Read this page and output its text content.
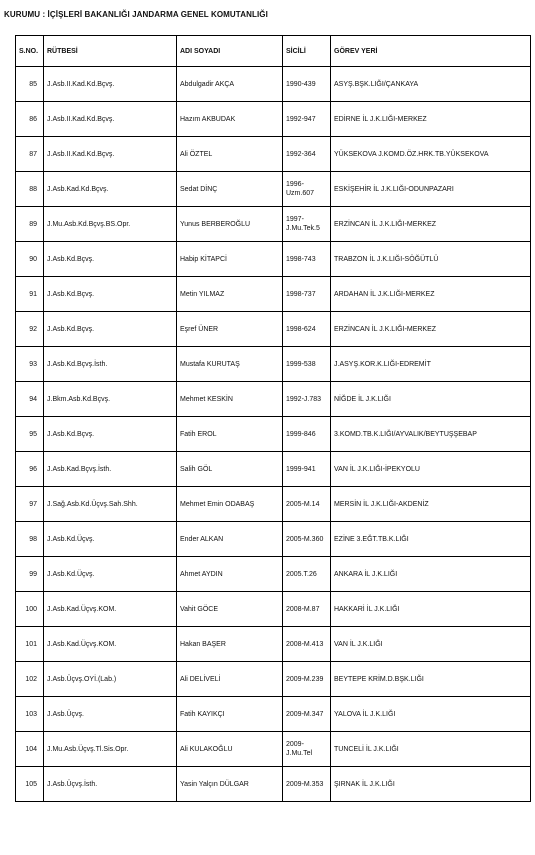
KURUMU : İÇİŞLERİ BAKANLIĞI JANDARMA GENEL KOMUTANLIĞI
S.NO.	RÜTBESİ	ADI SOYADI	SİCİLİ	GÖREV YERİ
85	J.Asb.II.Kad.Kd.Bçvş.	Abdulgadir AKÇA	1990-439	ASYŞ.BŞK.LIĞI/ÇANKAYA
86	J.Asb.II.Kad.Kd.Bçvş.	Hazım AKBUDAK	1992-947	EDİRNE İL J.K.LIĞI-MERKEZ
87	J.Asb.II.Kad.Kd.Bçvş.	Ali ÖZTEL	1992-364	YÜKSEKOVA J.KOMD.ÖZ.HRK.TB.YÜKSEKOVA
88	J.Asb.Kad.Kd.Bçvş.	Sedat DİNÇ	1996-Uzm.607	ESKİŞEHİR İL J.K.LIĞI-ODUNPAZARI
89	J.Mu.Asb.Kd.Bçvş.BS.Opr.	Yunus BERBEROĞLU	1997-J.Mu.Tek.5	ERZİNCAN İL J.K.LIĞI-MERKEZ
90	J.Asb.Kd.Bçvş.	Habip KİTAPCİ	1998-743	TRABZON İL J.K.LIĞI-SÖĞÜTLÜ
91	J.Asb.Kd.Bçvş.	Metin YILMAZ	1998-737	ARDAHAN İL J.K.LIĞI-MERKEZ
92	J.Asb.Kd.Bçvş.	Eşref ÜNER	1998-624	ERZİNCAN İL J.K.LIĞI-MERKEZ
93	J.Asb.Kd.Bçvş.İsth.	Mustafa KURUTAŞ	1999-538	J.ASYŞ.KOR.K.LIĞI-EDREMİT
94	J.Bkm.Asb.Kd.Bçvş.	Mehmet KESKİN	1992-J.783	NİĞDE İL J.K.LIĞI
95	J.Asb.Kd.Bçvş.	Fatih EROL	1999-846	3.KOMD.TB.K.LIĞI/AYVALIK/BEYTUŞŞEBAP
96	J.Asb.Kad.Bçvş.İsth.	Salih GÖL	1999-941	VAN İL J.K.LIĞI-İPEKYOLU
97	J.Sağ.Asb.Kd.Üçvş.Sah.Shh.	Mehmet Emin ODABAŞ	2005-M.14	MERSİN İL J.K.LIĞI-AKDENİZ
98	J.Asb.Kd.Üçvş.	Ender ALKAN	2005-M.360	EZİNE 3.EĞT.TB.K.LIĞI
99	J.Asb.Kd.Üçvş.	Ahmet AYDIN	2005.T.26	ANKARA İL J.K.LIĞI
100	J.Asb.Kad.Üçvş.KOM.	Vahit GÖCE	2008-M.87	HAKKARİ İL J.K.LIĞI
101	J.Asb.Kad.Üçvş.KOM.	Hakan BAŞER	2008-M.413	VAN İL J.K.LIĞI
102	J.Asb.Üçvş.OYİ.(Lab.)	Ali DELİVELİ	2009-M.239	BEYTEPE KRİM.D.BŞK.LIĞI
103	J.Asb.Üçvş.	Fatih KAYIKÇI	2009-M.347	YALOVA İL J.K.LIĞI
104	J.Mu.Asb.Üçvş.Tl.Sis.Opr.	Ali KULAKOĞLU	2009-J.Mu.Tel	TUNCELİ İL J.K.LIĞI
105	J.Asb.Üçvş.İsth.	Yasin Yalçın DÜLGAR	2009-M.353	ŞIRNAK İL J.K.LIĞI
